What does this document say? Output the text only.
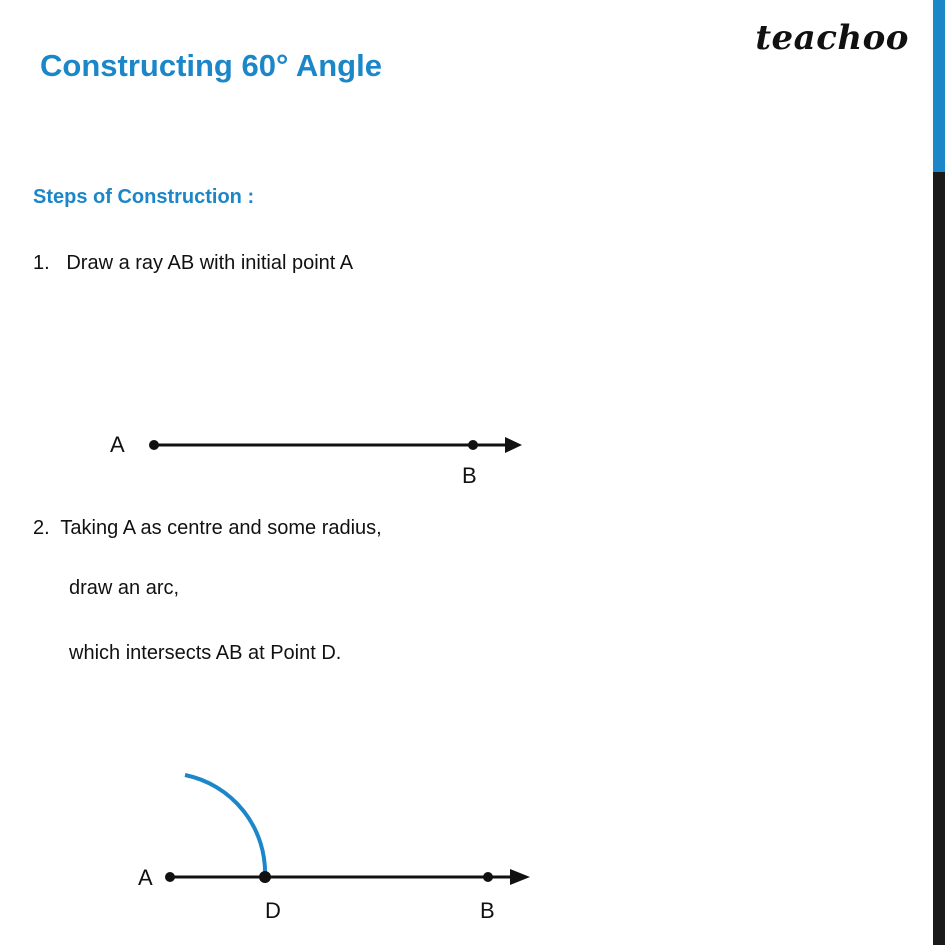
teachoo
Constructing 60° Angle
Steps of Construction :
1.   Draw a ray AB with initial point A
A
B
2.  Taking A as centre and some radius,
draw an arc,
which intersects AB at Point D.
A
D	B
